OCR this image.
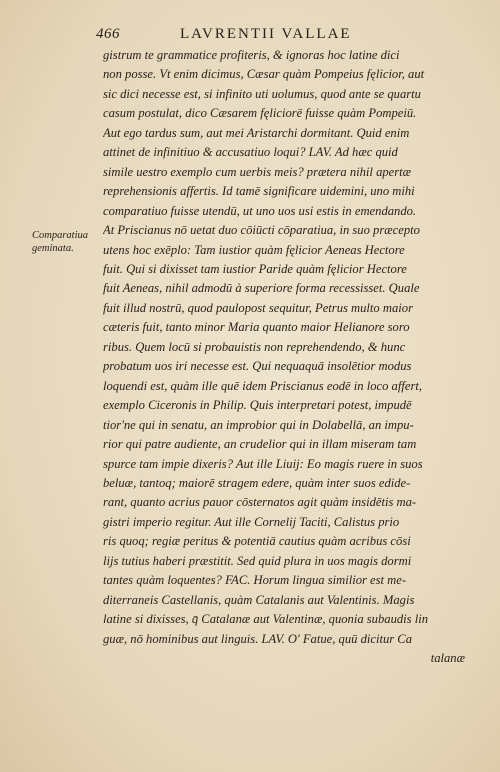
466	LAVRENTII VALLAE
Comparatiua
geminata.
gistrum te grammatice profiteris, & ignoras hoc latine dici
non posse. Vt enim dicimus, Cæsar quàm Pompeius fęlicior, aut
sic dici necesse est, si infinito uti uolumus, quod ante se quartu
casum postulat, dico Cæsarem fęliciorē fuisse quàm Pompeiū.
Aut ego tardus sum, aut mei Aristarchi dormitant. Quid enim
attinet de infinitiuo & accusatiuo loqui? LAV. Ad hæc quid
simile uestro exemplo cum uerbis meis? prætera nihil apertæ
reprehensionis affertis. Id tamē significare uidemini, uno mihi
comparatiuo fuisse utendū, ut uno uos usi estis in emendando.
At Priscianus nō uetat duo cōiūcti cōparatiua, in suo præcepto
utens hoc exēplo: Tam iustior quàm fęlicior Aeneas Hectore
fuit. Qui si dixisset tam iustior Paride quàm fęlicior Hectore
fuit Aeneas, nihil admodū à superiore forma recessisset. Quale
fuit illud nostrū, quod paulopost sequitur, Petrus multo maior
cæteris fuit, tanto minor Maria quanto maior Helianore soro
ribus. Quem locū si probauistis non reprehendendo, & hunc
probatum uos iri necesse est. Qui nequaquā insolētior modus
loquendi est, quàm ille quē idem Priscianus eodē in loco affert,
exemplo Ciceronis in Philip. Quis interpretari potest, impudē
tior'ne qui in senatu, an improbior qui in Dolabellā, an impu-
rior qui patre audiente, an crudelior qui in illam miseram tam
spurce tam impie dixeris? Aut ille Liuij: Eo magis ruere in suos
beluæ, tantoq; maiorē stragem edere, quàm inter suos edide-
rant, quanto acrius pauor cōsternatos agit quàm insidētis ma-
gistri imperio regitur. Aut ille Cornelij Taciti, Calistus prio
ris quoq; regiæ peritus & potentiā cautius quàm acribus cōsi
lijs tutius haberi præstitit. Sed quid plura in uos magis dormi
tantes quàm loquentes? FAC. Horum lingua similior est me-
diterraneis Castellanis, quàm Catalanis aut Valentinis. Magis
latine si dixisses, q̄ Catalanæ aut Valentinæ, quonia subaudis lin
guæ, nō hominibus aut linguis. LAV. O' Fatue, quū dicitur Ca
talanæ
